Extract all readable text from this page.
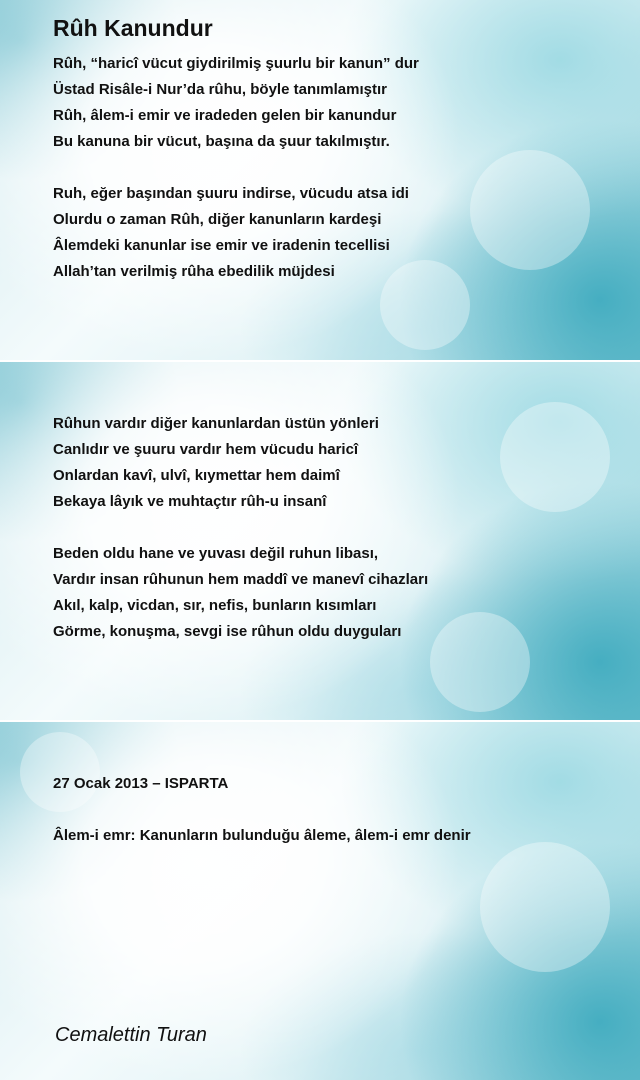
Rûh Kanundur
Rûh, “haricî vücut giydirilmiş şuurlu bir kanun” dur
Üstad Risâle-i Nur’da rûhu, böyle tanımlamıştır
Rûh, âlem-i emir ve iradeden gelen bir kanundur
Bu kanuna bir vücut, başına da şuur takılmıştır.
Ruh, eğer başından şuuru indirse, vücudu atsa idi
Olurdu o zaman Rûh, diğer kanunların kardeşi
Âlemdeki kanunlar ise emir ve iradenin tecellisi
Allah’tan verilmiş rûha ebedilik müjdesi
Rûhun vardır diğer kanunlardan üstün yönleri
Canlıdır ve şuuru vardır hem vücudu haricî
Onlardan kavî, ulvî, kıymettar hem daimî
Bekaya lâyık ve muhtaçtır rûh-u insanî
Beden oldu hane ve yuvası değil ruhun libası,
Vardır insan rûhunun hem maddî ve manevî cihazları
Akıl, kalp, vicdan, sır, nefis, bunların kısımları
Görme, konuşma, sevgi ise rûhun oldu duyguları
27 Ocak 2013 – ISPARTA
Âlem-i emr: Kanunların bulunduğu âleme, âlem-i emr denir
Cemalettin Turan
